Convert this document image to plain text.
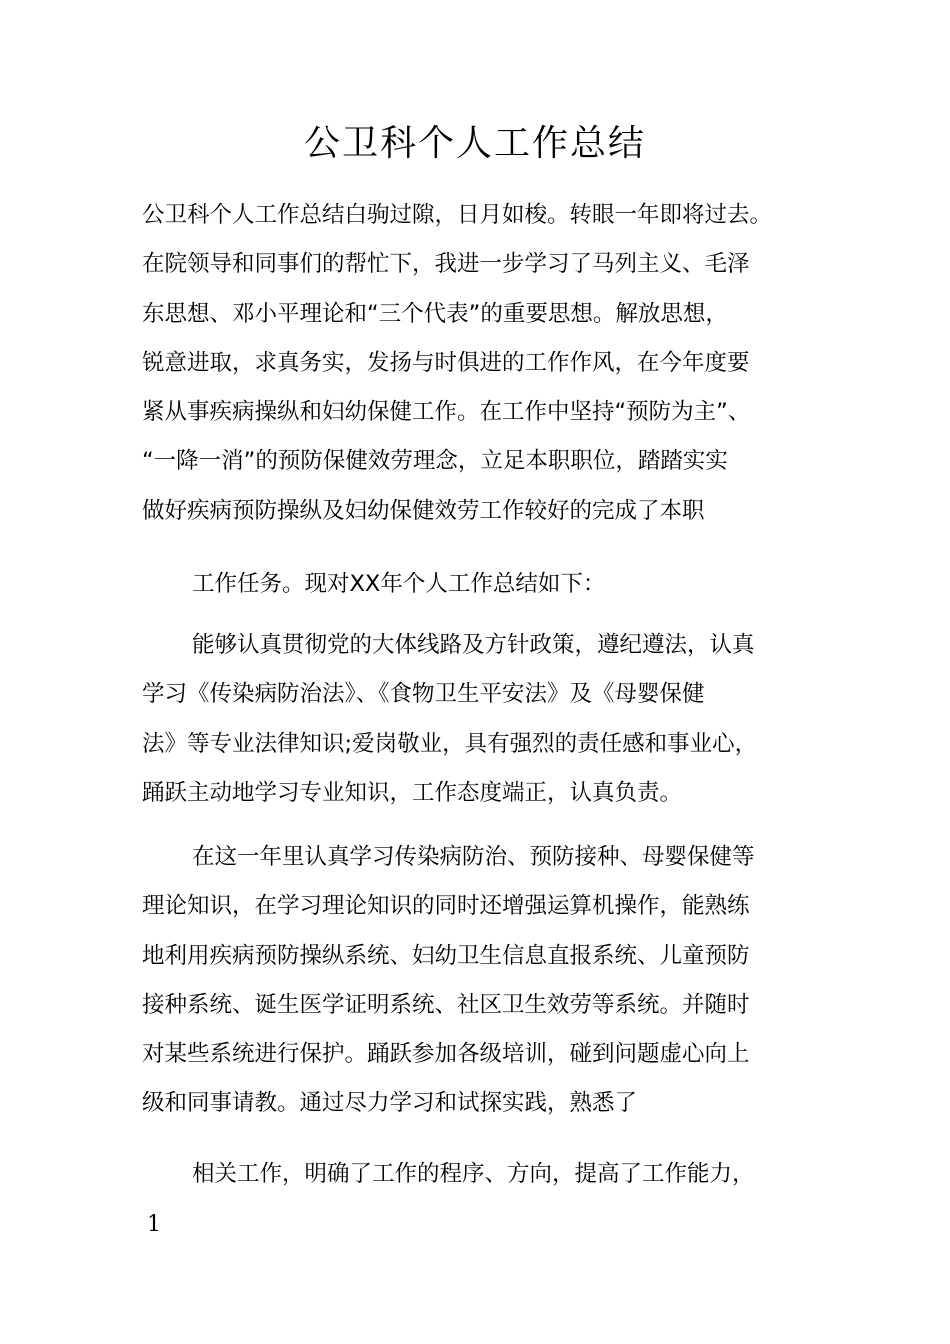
公卫科个人工作总结
公卫科个人工作总结白驹过隙，日月如梭。转眼一年即将过去。
在院领导和同事们的帮忙下，我进一步学习了马列主义、毛泽
东思想、邓小平理论和“三个代表”的重要思想。解放思想，
锐意进取，求真务实，发扬与时俱进的工作作风，在今年度要
紧从事疾病操纵和妇幼保健工作。在工作中坚持“预防为主”、
“一降一消”的预防保健效劳理念，立足本职职位，踏踏实实
做好疾病预防操纵及妇幼保健效劳工作较好的完成了本职
工作任务。现对XX年个人工作总结如下：
能够认真贯彻党的大体线路及方针政策，遵纪遵法，认真
学习《传染病防治法》、《食物卫生平安法》及《母婴保健
法》等专业法律知识;爱岗敬业，具有强烈的责任感和事业心，
踊跃主动地学习专业知识，工作态度端正，认真负责。
在这一年里认真学习传染病防治、预防接种、母婴保健等
理论知识，在学习理论知识的同时还增强运算机操作，能熟练
地利用疾病预防操纵系统、妇幼卫生信息直报系统、儿童预防
接种系统、诞生医学证明系统、社区卫生效劳等系统。并随时
对某些系统进行保护。踊跃参加各级培训，碰到问题虚心向上
级和同事请教。通过尽力学习和试探实践，熟悉了
相关工作，明确了工作的程序、方向，提高了工作能力，
1
